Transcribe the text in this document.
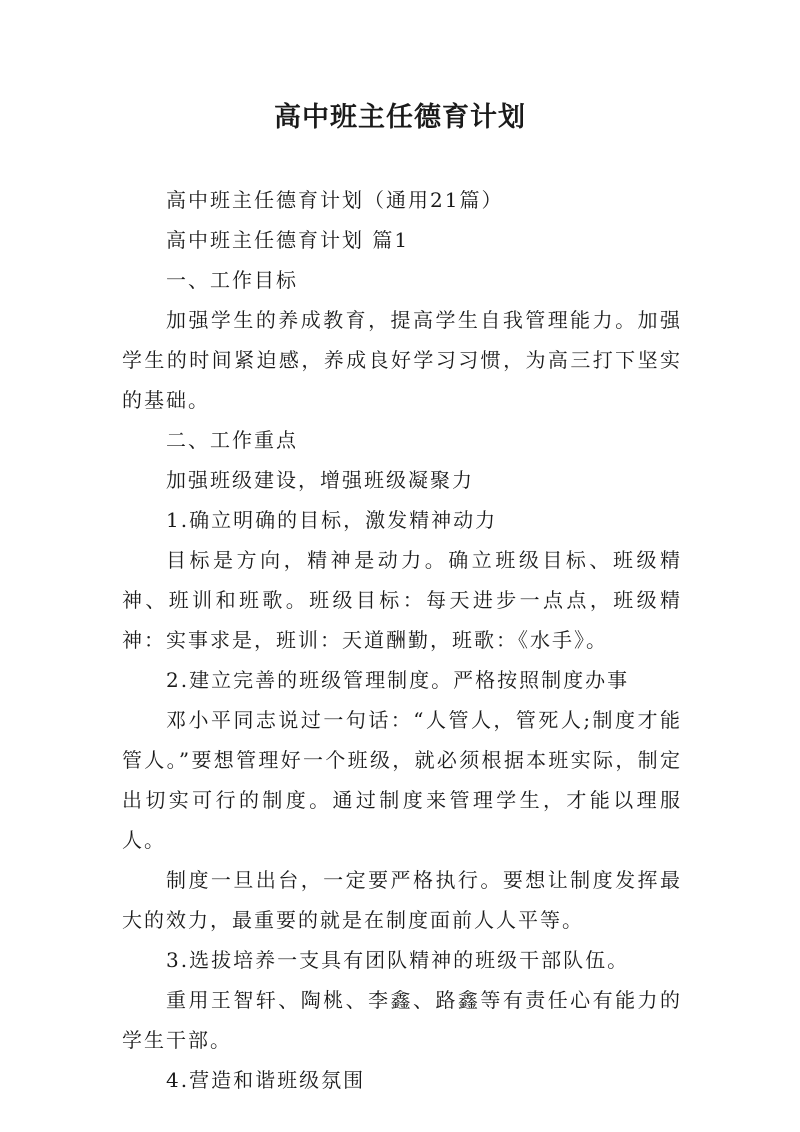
高中班主任德育计划

高中班主任德育计划（通用21篇）

高中班主任德育计划 篇1

一、工作目标

加强学生的养成教育，提高学生自我管理能力。加强学生的时间紧迫感，养成良好学习习惯，为高三打下坚实的基础。

二、工作重点

加强班级建设，增强班级凝聚力

1.确立明确的目标，激发精神动力

目标是方向，精神是动力。确立班级目标、班级精神、班训和班歌。班级目标：每天进步一点点，班级精神：实事求是，班训：天道酬勤，班歌：《水手》。

2.建立完善的班级管理制度。严格按照制度办事

邓小平同志说过一句话：“人管人，管死人;制度才能管人。”要想管理好一个班级，就必须根据本班实际，制定出切实可行的制度。通过制度来管理学生，才能以理服人。

制度一旦出台，一定要严格执行。要想让制度发挥最大的效力，最重要的就是在制度面前人人平等。

3.选拔培养一支具有团队精神的班级干部队伍。

重用王智轩、陶桃、李鑫、路鑫等有责任心有能力的学生干部。

4.营造和谐班级氛围
